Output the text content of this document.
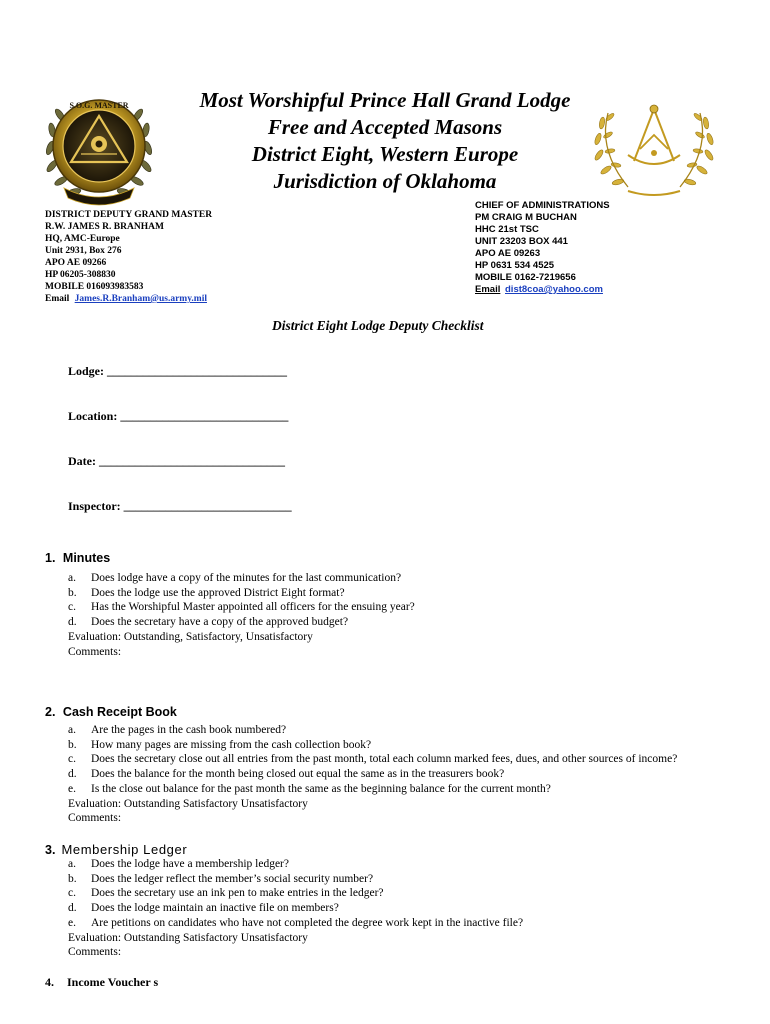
S.O.G. MASTER	Most Worshipful Prince Hall Grand Lodge
Free and Accepted Masons
District Eight, Western Europe
Jurisdiction of Oklahoma
DISTRICT DEPUTY GRAND MASTER
R.W. JAMES R. BRANHAM
HQ, AMC-Europe
Unit 2931, Box 276
APO AE 09266
HP 06205-308830
MOBILE 016093983583
Email James.R.Branham@us.army.mil
CHIEF OF ADMINISTRATIONS
PM CRAIG M BUCHAN
HHC 21st TSC
UNIT 23203 BOX 441
APO AE 09263
HP 0631 534 4525
MOBILE 0162-7219656
Email dist8coa@yahoo.com
District Eight Lodge Deputy Checklist
Lodge: ______________________________
Location: ____________________________
Date: _______________________________
Inspector: ____________________________
1. Minutes
a. Does lodge have a copy of the minutes for the last communication?
b. Does the lodge use the approved District Eight format?
c. Has the Worshipful Master appointed all officers for the ensuing year?
d. Does the secretary have a copy of the approved budget?
Evaluation: Outstanding, Satisfactory, Unsatisfactory
Comments:
2. Cash Receipt Book
a. Are the pages in the cash book numbered?
b. How many pages are missing from the cash collection book?
c. Does the secretary close out all entries from the past month, total each column marked fees, dues, and other sources of income?
d. Does the balance for the month being closed out equal the same as in the treasurers book?
e. Is the close out balance for the past month the same as the beginning balance for the current month?
Evaluation: Outstanding Satisfactory Unsatisfactory
Comments:
3. Membership Ledger
a. Does the lodge have a membership ledger?
b. Does the ledger reflect the member’s social security number?
c. Does the secretary use an ink pen to make entries in the ledger?
d. Does the lodge maintain an inactive file on members?
e. Are petitions on candidates who have not completed the degree work kept in the inactive file?
Evaluation: Outstanding Satisfactory Unsatisfactory
Comments:
4. Income Voucher s
